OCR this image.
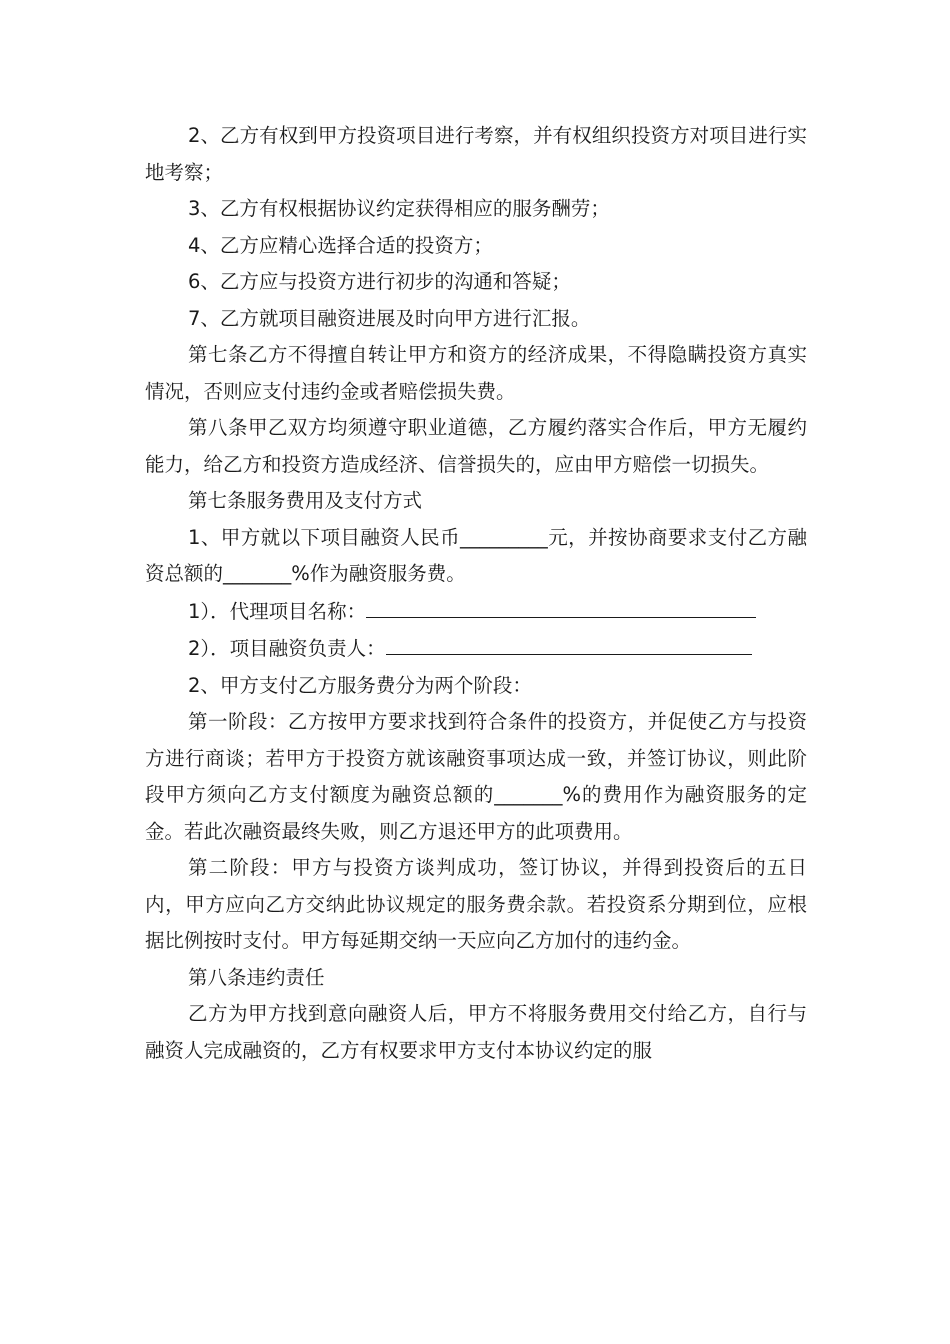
2、乙方有权到甲方投资项目进行考察，并有权组织投资方对项目进行实地考察；

3、乙方有权根据协议约定获得相应的服务酬劳；

4、乙方应精心选择合适的投资方；

6、乙方应与投资方进行初步的沟通和答疑；

7、乙方就项目融资进展及时向甲方进行汇报。

第七条乙方不得擅自转让甲方和资方的经济成果，不得隐瞒投资方真实情况，否则应支付违约金或者赔偿损失费。

第八条甲乙双方均须遵守职业道德，乙方履约落实合作后，甲方无履约能力，给乙方和投资方造成经济、信誉损失的，应由甲方赔偿一切损失。

第七条服务费用及支付方式

1、甲方就以下项目融资人民币_________元，并按协商要求支付乙方融资总额的_______%作为融资服务费。

1）．代理项目名称：

2）．项目融资负责人：

2、甲方支付乙方服务费分为两个阶段：

第一阶段：乙方按甲方要求找到符合条件的投资方，并促使乙方与投资方进行商谈；若甲方于投资方就该融资事项达成一致，并签订协议，则此阶段甲方须向乙方支付额度为融资总额的_______%的费用作为融资服务的定金。若此次融资最终失败，则乙方退还甲方的此项费用。

第二阶段：甲方与投资方谈判成功，签订协议，并得到投资后的五日内，甲方应向乙方交纳此协议规定的服务费余款。若投资系分期到位，应根据比例按时支付。甲方每延期交纳一天应向乙方加付的违约金。

第八条违约责任

乙方为甲方找到意向融资人后，甲方不将服务费用交付给乙方，自行与融资人完成融资的，乙方有权要求甲方支付本协议约定的服
